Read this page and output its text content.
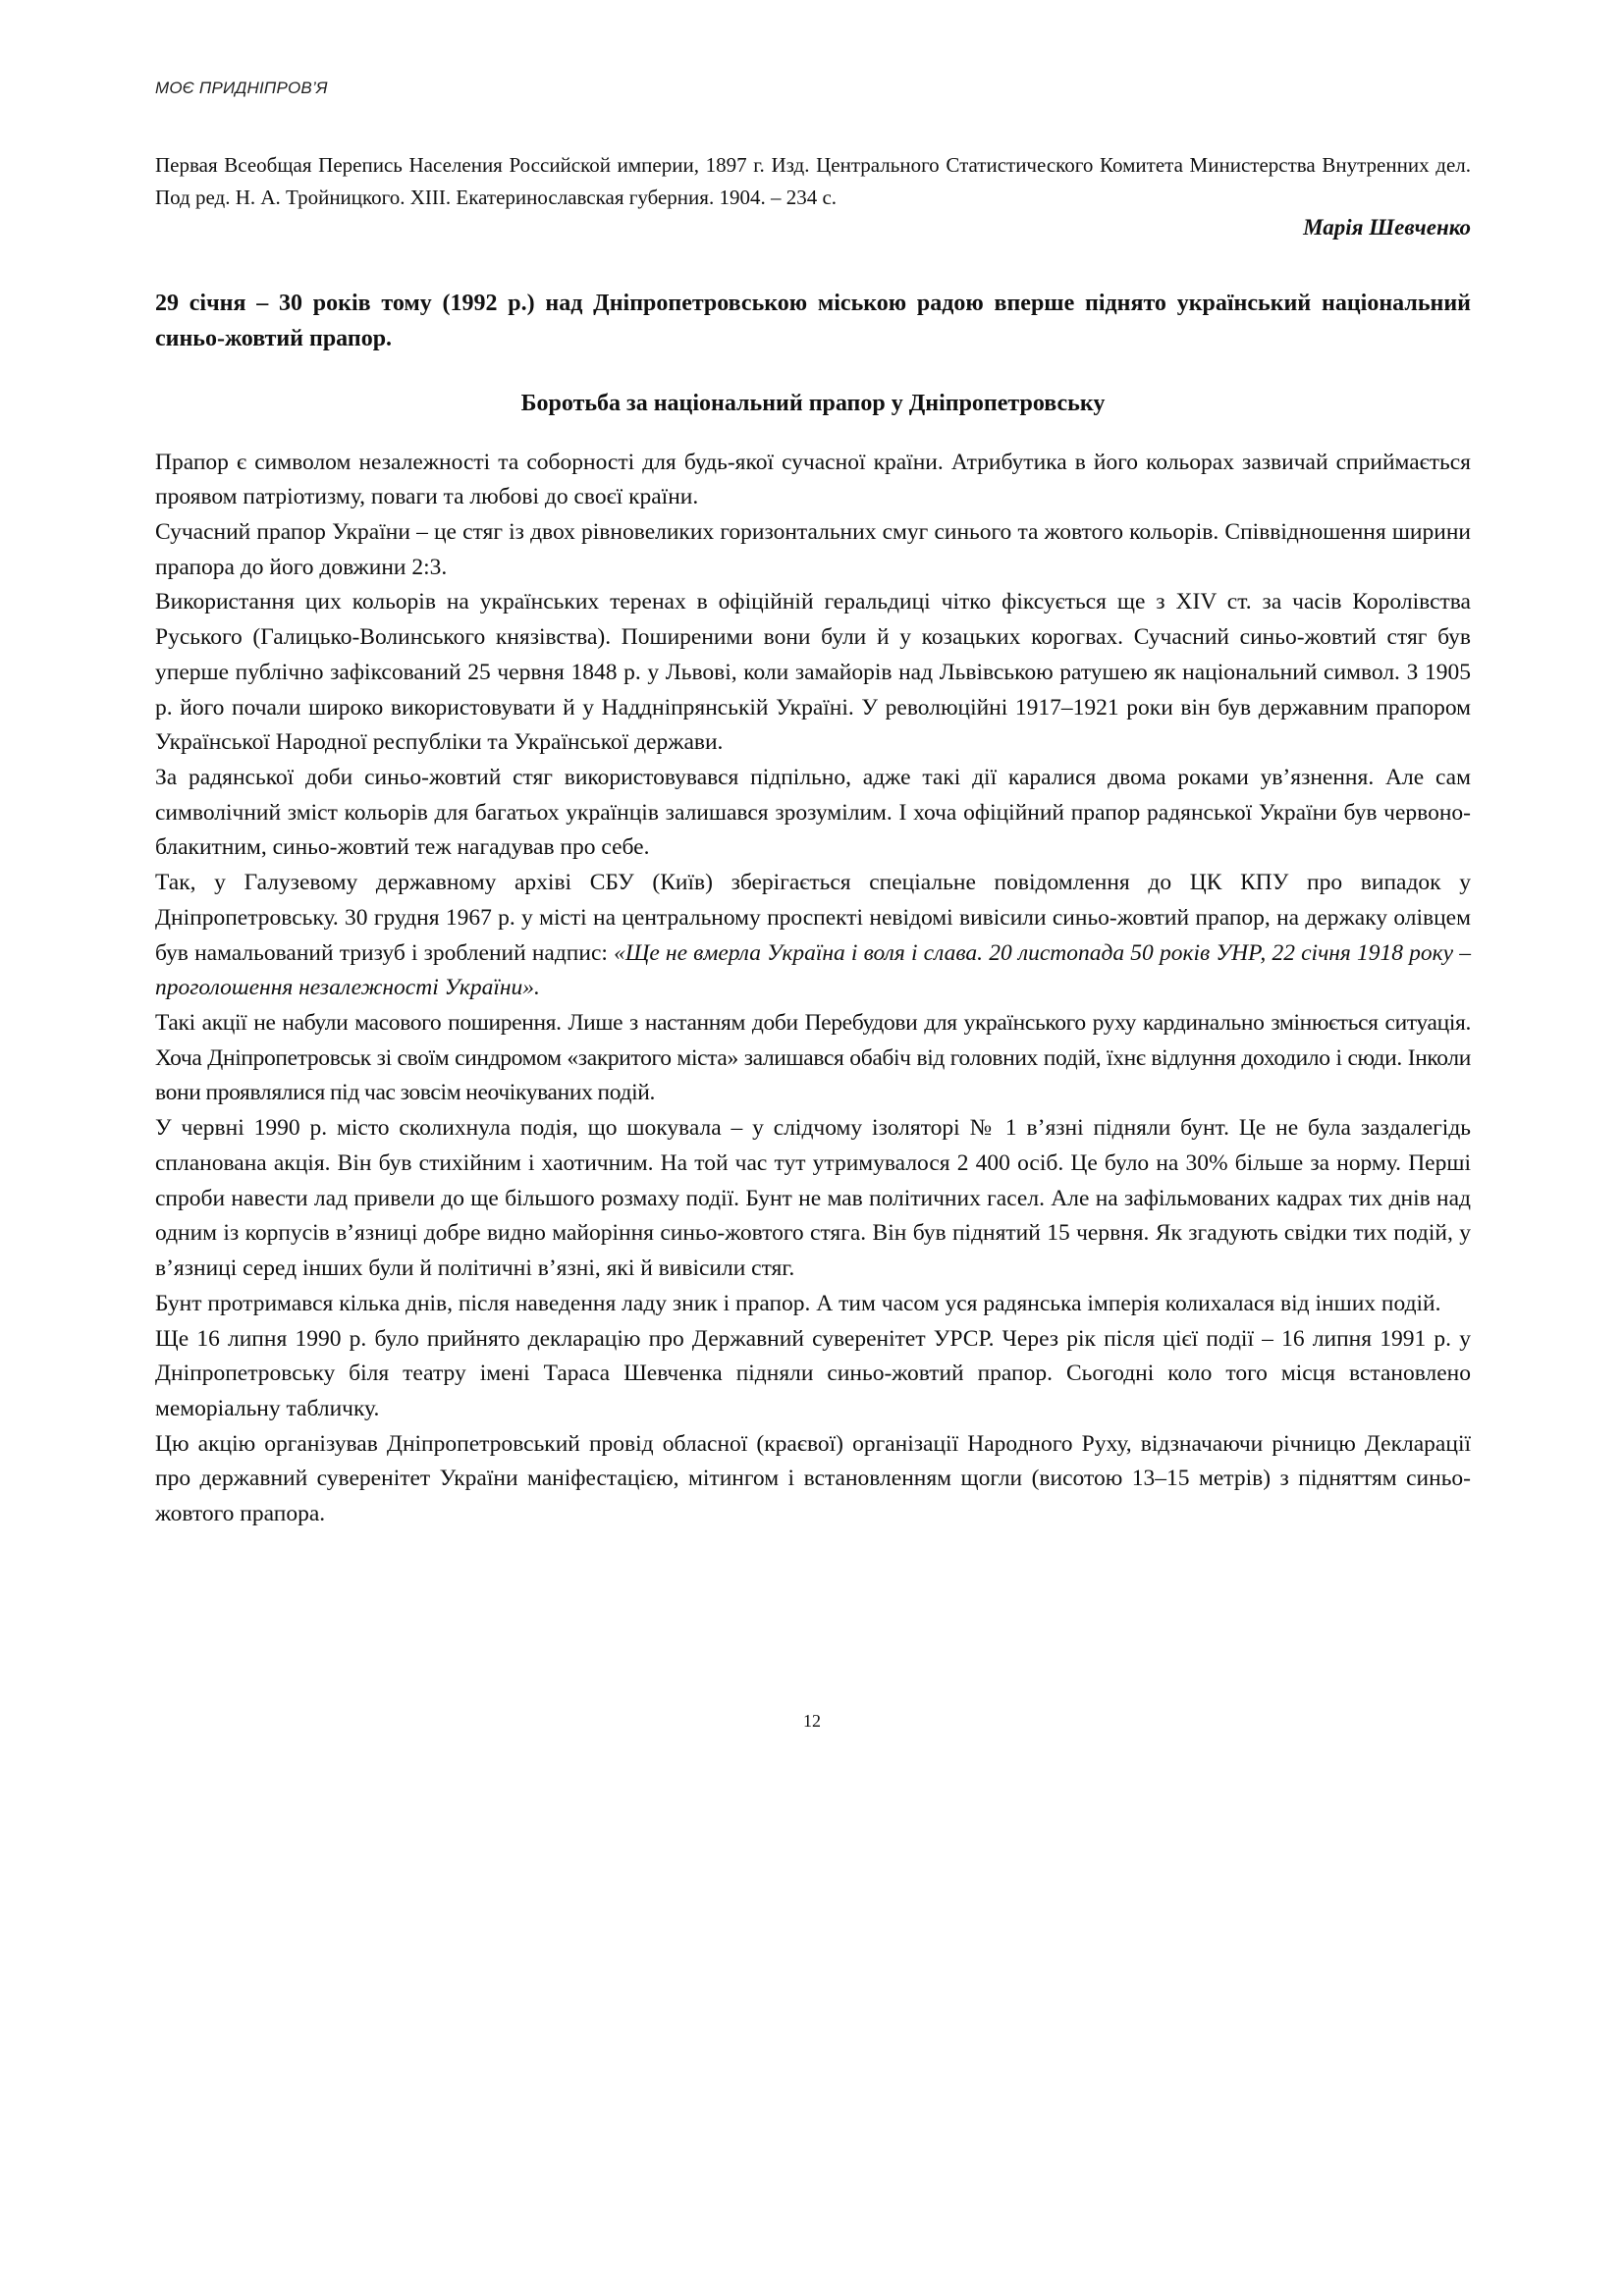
МОЄ ПРИДНІПРОВ’Я

Первая Всеобщая Перепись Населения Российской империи, 1897 г. Изд. Центрального Статистического Комитета Министерства Внутренних дел. Под ред. Н. А. Тройницкого. XIII. Екатеринославская губерния. 1904. – 234 с.

Марія Шевченко

29 січня – 30 років тому (1992 р.) над Дніпропетровською міською радою вперше піднято український національний синьо-жовтий прапор.

Боротьба за національний прапор у Дніпропетровську

Прапор є символом незалежності та соборності для будь-якої сучасної країни. Атрибутика в його кольорах зазвичай сприймається проявом патріотизму, поваги та любові до своєї країни.

Сучасний прапор України – це стяг із двох рівновеликих горизонтальних смуг синього та жовтого кольорів. Співвідношення ширини прапора до його довжини 2:3.

Використання цих кольорів на українських теренах в офіційній геральдиці чітко фіксується ще з XIV ст. за часів Королівства Руського (Галицько-Волинського князівства). Поширеними вони були й у козацьких корогвах. Сучасний синьо-жовтий стяг був уперше публічно зафіксований 25 червня 1848 р. у Львові, коли замайорів над Львівською ратушею як національний символ. З 1905 р. його почали широко використовувати й у Наддніпрянській Україні. У революційні 1917–1921 роки він був державним прапором Української Народної республіки та Української держави.

За радянської доби синьо-жовтий стяг використовувався підпільно, адже такі дії каралися двома роками ув’язнення. Але сам символічний зміст кольорів для багатьох українців залишався зрозумілим. І хоча офіційний прапор радянської України був червоно-блакитним, синьо-жовтий теж нагадував про себе.

Так, у Галузевому державному архіві СБУ (Київ) зберігається спеціальне повідомлення до ЦК КПУ про випадок у Дніпропетровську. 30 грудня 1967 р. у місті на центральному проспекті невідомі вивісили синьо-жовтий прапор, на держаку олівцем був намальований тризуб і зроблений надпис: «Ще не вмерла Україна і воля і слава. 20 листопада 50 років УНР, 22 січня 1918 року – проголошення незалежності України».

Такі акції не набули масового поширення. Лише з настанням доби Перебудови для українського руху кардинально змінюється ситуація. Хоча Дніпропетровськ зі своїм синдромом «закритого міста» залишався обабіч від головних подій, їхнє відлуння доходило і сюди. Інколи вони проявлялися під час зовсім неочікуваних подій.

У червні 1990 р. місто сколихнула подія, що шокувала – у слідчому ізоляторі № 1 в’язні підняли бунт. Це не була заздалегідь спланована акція. Він був стихійним і хаотичним. На той час тут утримувалося 2 400 осіб. Це було на 30% більше за норму. Перші спроби навести лад привели до ще більшого розмаху події. Бунт не мав політичних гасел. Але на зафільмованих кадрах тих днів над одним із корпусів в’язниці добре видно майоріння синьо-жовтого стяга. Він був піднятий 15 червня. Як згадують свідки тих подій, у в’язниці серед інших були й політичні в’язні, які й вивісили стяг.

Бунт протримався кілька днів, після наведення ладу зник і прапор. А тим часом уся радянська імперія колихалася від інших подій.

Ще 16 липня 1990 р. було прийнято декларацію про Державний суверенітет УРСР. Через рік після цієї події – 16 липня 1991 р. у Дніпропетровську біля театру імені Тараса Шевченка підняли синьо-жовтий прапор. Сьогодні коло того місця встановлено меморіальну табличку.

Цю акцію організував Дніпропетровський провід обласної (краєвої) організації Народного Руху, відзначаючи річницю Декларації про державний суверенітет України маніфестацією, мітингом і встановленням щогли (висотою 13–15 метрів) з підняттям синьо-жовтого прапора.

12
